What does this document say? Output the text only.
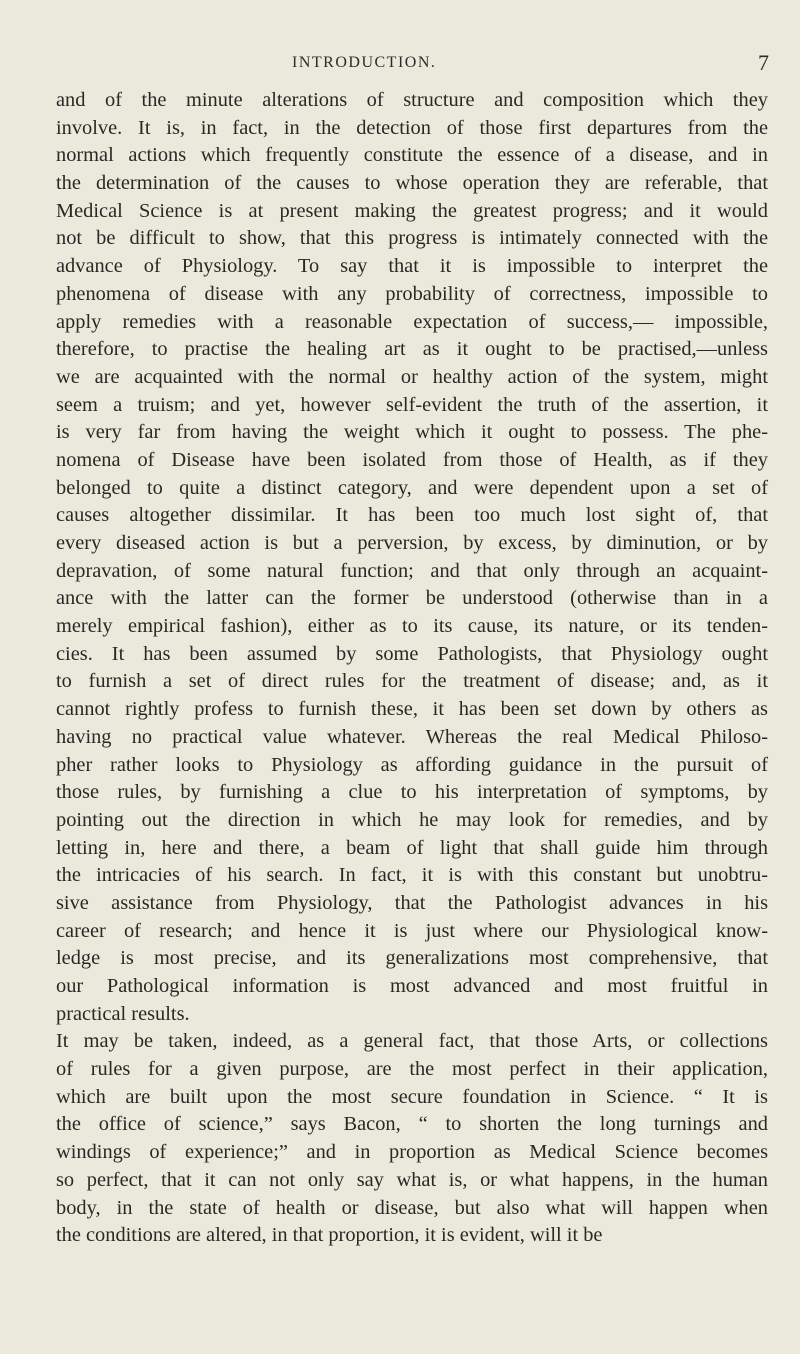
INTRODUCTION.	7

and of the minute alterations of structure and composition which they
involve. It is, in fact, in the detection of those first departures from the
normal actions which frequently constitute the essence of a disease, and in
the determination of the causes to whose operation they are referable, that
Medical Science is at present making the greatest progress; and it would
not be difficult to show, that this progress is intimately connected with the
advance of Physiology. To say that it is impossible to interpret the
phenomena of disease with any probability of correctness, impossible to
apply remedies with a reasonable expectation of success,— impossible,
therefore, to practise the healing art as it ought to be practised,—unless
we are acquainted with the normal or healthy action of the system, might
seem a truism; and yet, however self-evident the truth of the assertion, it
is very far from having the weight which it ought to possess. The phe-
nomena of Disease have been isolated from those of Health, as if they
belonged to quite a distinct category, and were dependent upon a set of
causes altogether dissimilar. It has been too much lost sight of, that
every diseased action is but a perversion, by excess, by diminution, or by
depravation, of some natural function; and that only through an acquaint-
ance with the latter can the former be understood (otherwise than in a
merely empirical fashion), either as to its cause, its nature, or its tenden-
cies. It has been assumed by some Pathologists, that Physiology ought
to furnish a set of direct rules for the treatment of disease; and, as it
cannot rightly profess to furnish these, it has been set down by others as
having no practical value whatever. Whereas the real Medical Philoso-
pher rather looks to Physiology as affording guidance in the pursuit of
those rules, by furnishing a clue to his interpretation of symptoms, by
pointing out the direction in which he may look for remedies, and by
letting in, here and there, a beam of light that shall guide him through
the intricacies of his search. In fact, it is with this constant but unobtru-
sive assistance from Physiology, that the Pathologist advances in his
career of research; and hence it is just where our Physiological know-
ledge is most precise, and its generalizations most comprehensive, that
our Pathological information is most advanced and most fruitful in
practical results.

It may be taken, indeed, as a general fact, that those Arts, or collections
of rules for a given purpose, are the most perfect in their application,
which are built upon the most secure foundation in Science. “ It is
the office of science,” says Bacon, “ to shorten the long turnings and
windings of experience;” and in proportion as Medical Science becomes
so perfect, that it can not only say what is, or what happens, in the human
body, in the state of health or disease, but also what will happen when
the conditions are altered, in that proportion, it is evident, will it be
